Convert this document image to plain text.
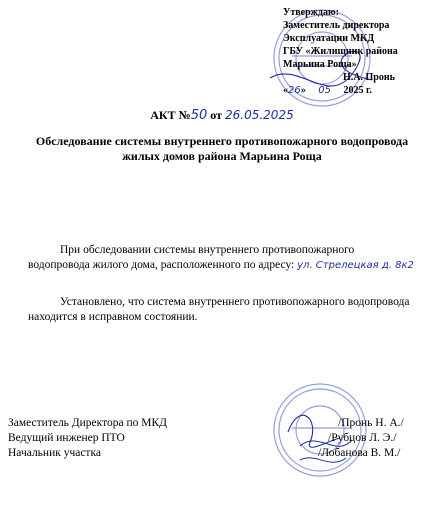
Утверждаю:
Заместитель директора
Эксплуатации МКД
ГБУ «Жилищник района
Марьина Роща»
Н.А. Пронь
«26» 05 2025 г.
АКТ №50 от 26.05.2025
Обследование системы внутреннего противопожарного водопровода
жилых домов района Марьина Роща
При обследовании системы внутреннего противопожарного
водопровода жилого дома, расположенного по адресу: ул. Стрелецкая д. 8к2
Установлено, что система внутреннего противопожарного водопровода находится в исправном состоянии.
Заместитель Директора по МКД
Ведущий инженер ПТО
Начальник участка
/Пронь Н. А./
/Рубцов Л. Э./
/Лобанова В. М./
